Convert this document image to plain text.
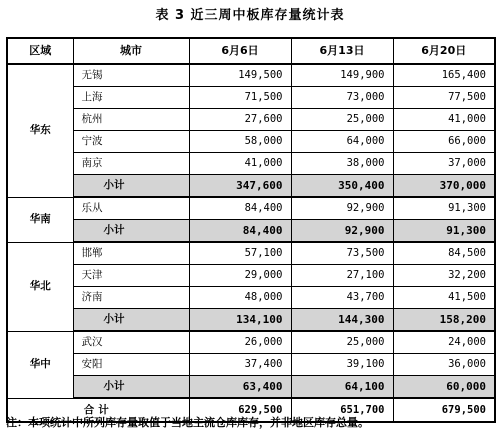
表 3 近三周中板库存量统计表
区域	城市	6月6日	6月13日	6月20日
华东	无锡	149,500	149,900	165,400
	上海	71,500	73,000	77,500
	杭州	27,600	25,000	41,000
	宁波	58,000	64,000	66,000
	南京	41,000	38,000	37,000
	小计	347,600	350,400	370,000
华南	乐从	84,400	92,900	91,300
	小计	84,400	92,900	91,300
华北	邯郸	57,100	73,500	84,500
	天津	29,000	27,100	32,200
	济南	48,000	43,700	41,500
	小计	134,100	144,300	158,200
华中	武汉	26,000	25,000	24,000
	安阳	37,400	39,100	36,000
	小计	63,400	64,100	60,000
合计		629,500	651,700	679,500
注：本项统计中所列库存量取值于当地主流仓库库存，并非地区库存总量。
